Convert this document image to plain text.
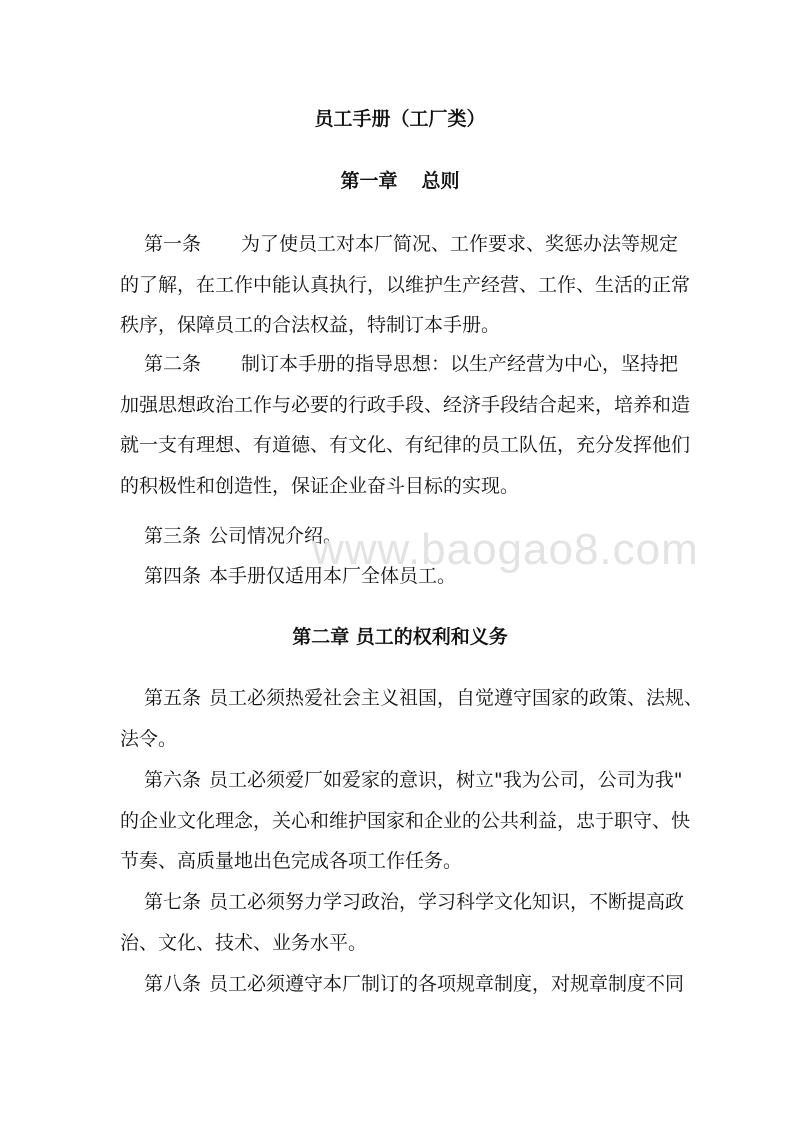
员工手册（工厂类）
第一章 总则
第一条 为了使员工对本厂简况、工作要求、奖惩办法等规定
的了解，在工作中能认真执行，以维护生产经营、工作、生活的正常
秩序，保障员工的合法权益，特制订本手册。
第二条 制订本手册的指导思想：以生产经营为中心，坚持把
加强思想政治工作与必要的行政手段、经济手段结合起来，培养和造
就一支有理想、有道德、有文化、有纪律的员工队伍，充分发挥他们
的积极性和创造性，保证企业奋斗目标的实现。
第三条 公司情况介绍。
第四条 本手册仅适用本厂全体员工。
第二章 员工的权利和义务
第五条 员工必须热爱社会主义祖国，自觉遵守国家的政策、法规、
法令。
第六条 员工必须爱厂如爱家的意识，树立"我为公司，公司为我"
的企业文化理念，关心和维护国家和企业的公共利益，忠于职守、快
节奏、高质量地出色完成各项工作任务。
第七条 员工必须努力学习政治，学习科学文化知识，不断提高政
治、文化、技术、业务水平。
第八条 员工必须遵守本厂制订的各项规章制度，对规章制度不同
www.baogao8.com
